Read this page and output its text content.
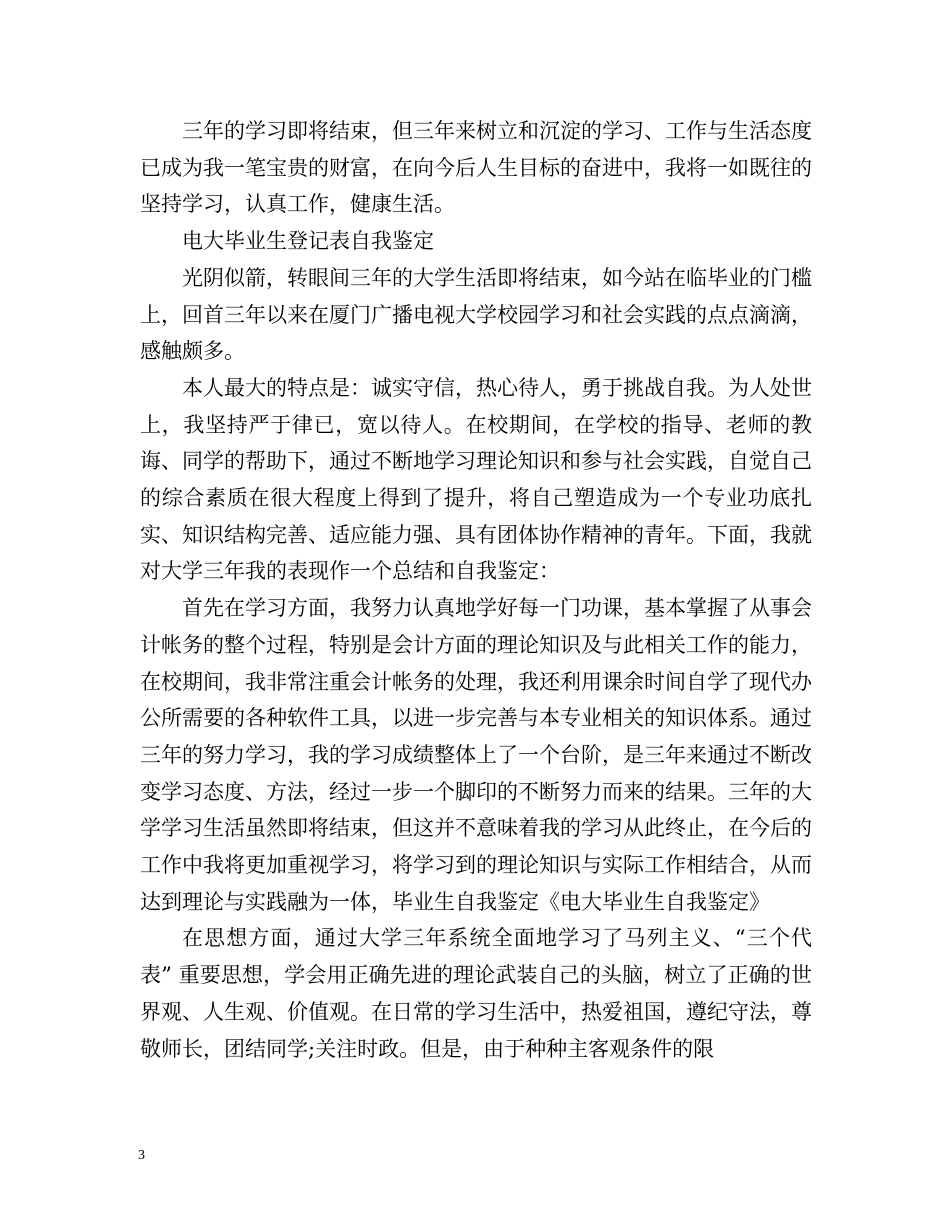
三年的学习即将结束，但三年来树立和沉淀的学习、工作与生活态度已成为我一笔宝贵的财富，在向今后人生目标的奋进中，我将一如既往的坚持学习，认真工作，健康生活。

电大毕业生登记表自我鉴定

光阴似箭，转眼间三年的大学生活即将结束，如今站在临毕业的门槛上，回首三年以来在厦门广播电视大学校园学习和社会实践的点点滴滴，感触颇多。

本人最大的特点是：诚实守信，热心待人，勇于挑战自我。为人处世上，我坚持严于律已，宽以待人。在校期间，在学校的指导、老师的教诲、同学的帮助下，通过不断地学习理论知识和参与社会实践，自觉自己的综合素质在很大程度上得到了提升，将自己塑造成为一个专业功底扎实、知识结构完善、适应能力强、具有团体协作精神的青年。下面，我就对大学三年我的表现作一个总结和自我鉴定：

首先在学习方面，我努力认真地学好每一门功课，基本掌握了从事会计帐务的整个过程，特别是会计方面的理论知识及与此相关工作的能力，在校期间，我非常注重会计帐务的处理，我还利用课余时间自学了现代办公所需要的各种软件工具，以进一步完善与本专业相关的知识体系。通过三年的努力学习，我的学习成绩整体上了一个台阶，是三年来通过不断改变学习态度、方法，经过一步一个脚印的不断努力而来的结果。三年的大学学习生活虽然即将结束，但这并不意味着我的学习从此终止，在今后的工作中我将更加重视学习，将学习到的理论知识与实际工作相结合，从而达到理论与实践融为一体，毕业生自我鉴定《电大毕业生自我鉴定》

在思想方面，通过大学三年系统全面地学习了马列主义、“三个代表” 重要思想，学会用正确先进的理论武装自己的头脑，树立了正确的世界观、人生观、价值观。在日常的学习生活中，热爱祖国，遵纪守法，尊敬师长，团结同学;关注时政。但是，由于种种主客观条件的限

3
